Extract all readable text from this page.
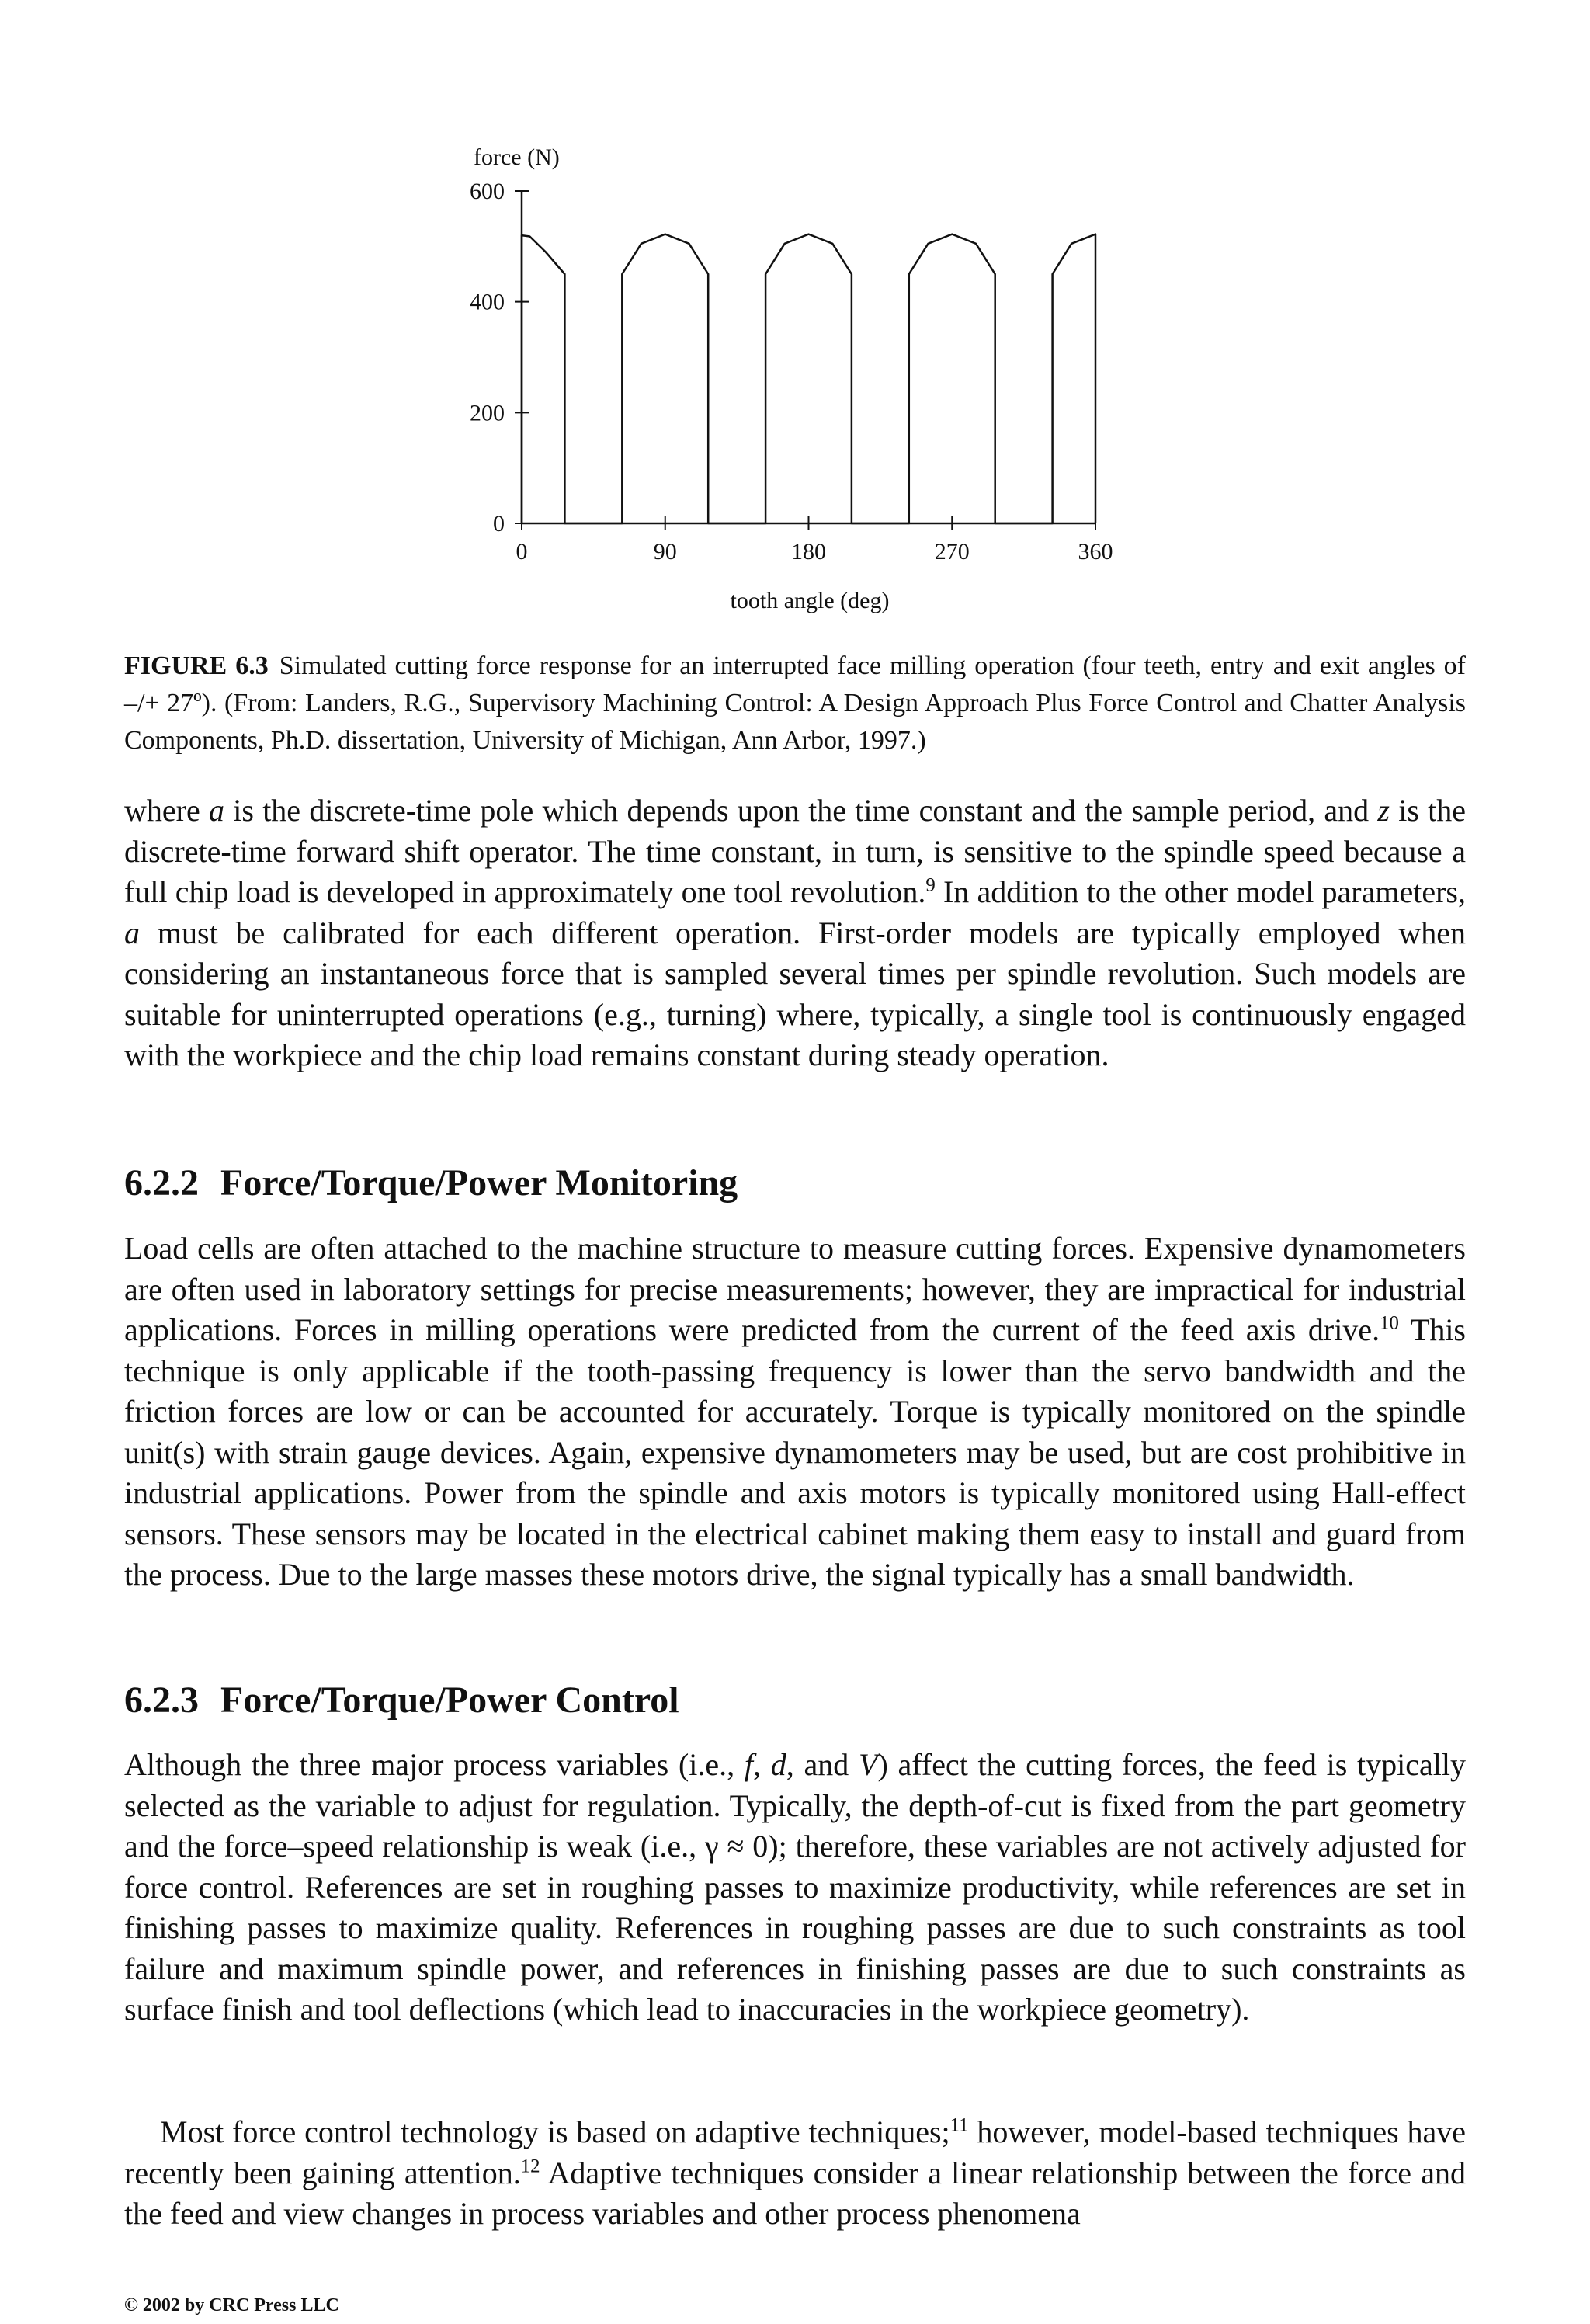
0
200
400
600
0	90	180	270	360
force (N)
tooth angle (deg)
FIGURE 6.3 Simulated cutting force response for an interrupted face milling operation (four teeth, entry and exit angles of –/+ 27º). (From: Landers, R.G., Supervisory Machining Control: A Design Approach Plus Force Control and Chatter Analysis Components, Ph.D. dissertation, University of Michigan, Ann Arbor, 1997.)

where a is the discrete-time pole which depends upon the time constant and the sample period, and z is the discrete-time forward shift operator. The time constant, in turn, is sensitive to the spindle speed because a full chip load is developed in approximately one tool revolution.$^9$ In addition to the other model parameters, a must be calibrated for each different operation. First-order models are typically employed when considering an instantaneous force that is sampled several times per spindle revolution. Such models are suitable for uninterrupted operations (e.g., turning) where, typically, a single tool is continuously engaged with the workpiece and the chip load remains constant during steady operation.

6.2.2 Force/Torque/Power Monitoring

Load cells are often attached to the machine structure to measure cutting forces. Expensive dynamometers are often used in laboratory settings for precise measurements; however, they are impractical for industrial applications. Forces in milling operations were predicted from the current of the feed axis drive.$^{10}$ This technique is only applicable if the tooth-passing frequency is lower than the servo bandwidth and the friction forces are low or can be accounted for accurately. Torque is typically monitored on the spindle unit(s) with strain gauge devices. Again, expensive dynamometers may be used, but are cost prohibitive in industrial applications. Power from the spindle and axis motors is typically monitored using Hall-effect sensors. These sensors may be located in the electrical cabinet making them easy to install and guard from the process. Due to the large masses these motors drive, the signal typically has a small bandwidth.

6.2.3 Force/Torque/Power Control

Although the three major process variables (i.e., f, d, and V) affect the cutting forces, the feed is typically selected as the variable to adjust for regulation. Typically, the depth-of-cut is fixed from the part geometry and the force–speed relationship is weak (i.e., γ ≈ 0); therefore, these variables are not actively adjusted for force control. References are set in roughing passes to maximize productivity, while references are set in finishing passes to maximize quality. References in roughing passes are due to such constraints as tool failure and maximum spindle power, and references in finishing passes are due to such constraints as surface finish and tool deflections (which lead to inaccuracies in the workpiece geometry).

Most force control technology is based on adaptive techniques;$^{11}$ however, model-based techniques have recently been gaining attention.$^{12}$ Adaptive techniques consider a linear relationship between the force and the feed and view changes in process variables and other process phenomena

© 2002 by CRC Press LLC
